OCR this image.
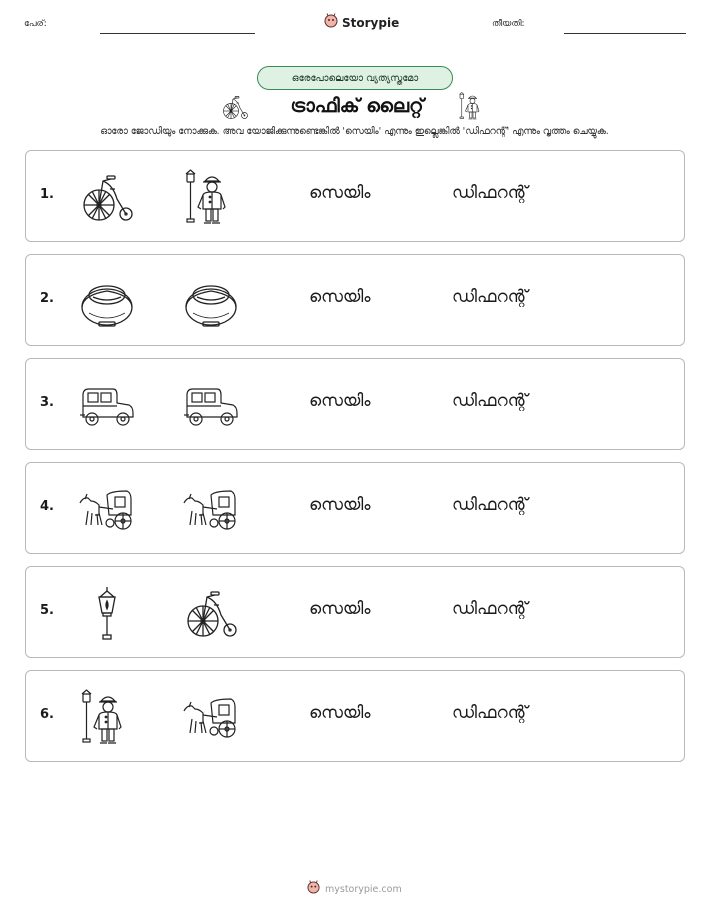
പേര്:	Storypie	തീയതി:
ഒരേപോലെയോ വ്യത്യസ്തമോ
ട്രാഫിക് ലൈറ്റ്
ഓരോ ജോഡിയും നോക്കുക. അവ യോജിക്കുന്നുണ്ടെങ്കിൽ 'സെയിം' എന്നും ഇല്ലെങ്കിൽ 'ഡിഫറന്റ്' എന്നും വൃത്തം ചെയ്യുക.
1.	സെയിം	ഡിഫറന്റ്
2.	സെയിം	ഡിഫറന്റ്
3.	സെയിം	ഡിഫറന്റ്
4.	സെയിം	ഡിഫറന്റ്
5.	സെയിം	ഡിഫറന്റ്
6.	സെയിം	ഡിഫറന്റ്
mystorypie.com
